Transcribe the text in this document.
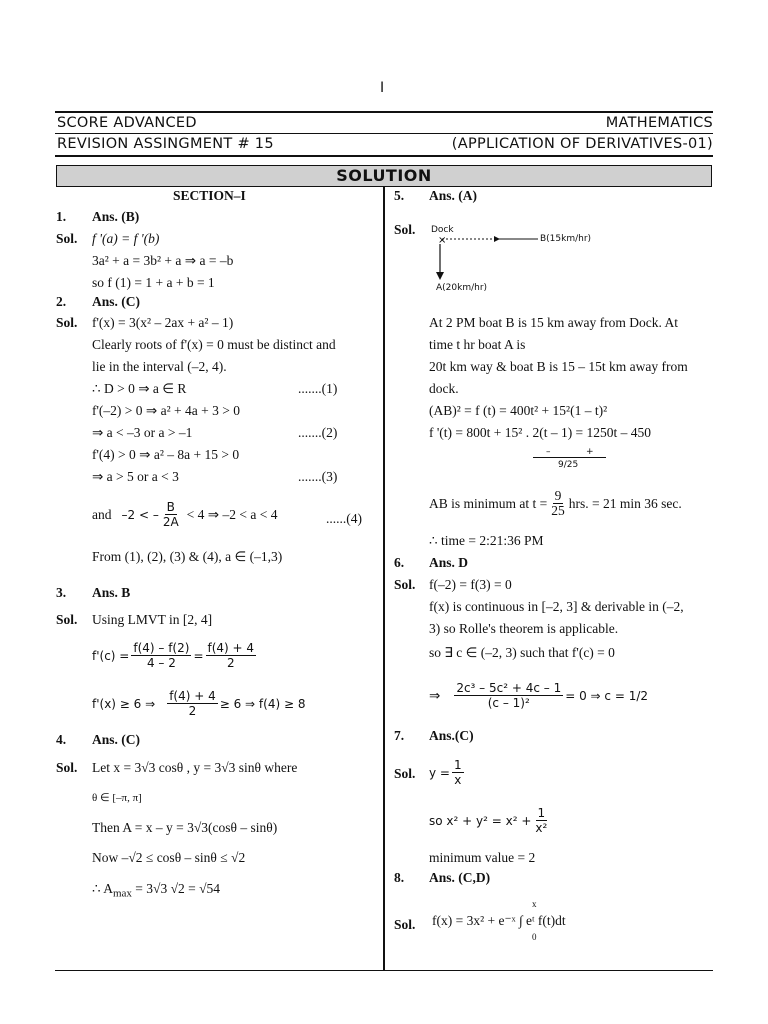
I
SCORE ADVANCED	MATHEMATICS
REVISION ASSINGMENT # 15	(APPLICATION OF DERIVATIVES-01)
SOLUTION
SECTION–I
1. Ans. (B)
Sol. f '(a) = f '(b)
3a² + a = 3b² + a ⇒ a = –b
so f (1) = 1 + a + b = 1
2. Ans. (C)
Sol. f'(x) = 3(x² – 2ax + a² – 1)
Clearly roots of f'(x) = 0 must be distinct and
lie in the interval (–2, 4).
∴ D > 0 ⇒ a ∈ R	.......(1)
f'(–2) > 0 ⇒ a² + 4a + 3 > 0
⇒ a < –3 or a > –1	.......(2)
f'(4) > 0 ⇒ a² – 8a + 15 > 0
⇒ a > 5 or a < 3	.......(3)
and –2 < – $\frac{B}{2A} < 4$ ⇒ –2 < a < 4	......(4)
From (1), (2), (3) & (4), a ∈ (–1,3)
3. Ans. B
Sol. Using LMVT in [2, 4]
$f'(c) = \frac{f(4) - f(2)}{4 - 2} = \frac{f(4) + 4}{2}$
f'(x) ≥ 6 ⇒ $\frac{f(4) + 4}{2} \ge 6$ ⇒ f(4) ≥ 8
4. Ans. (C)
Sol. Let x = 3√3 cosθ , y = 3√3 sinθ where
θ ∈ [–π, π]
Then A = x – y = 3√3(cosθ – sinθ)
Now –√2 ≤ cosθ – sinθ ≤ √2
∴ $A_{max} = 3√3$ √2 = √54
5. Ans. (A)
Sol.
×
Dock
B(15km/hr)
A(20km/hr)
At 2 PM boat B is 15 km away from Dock. At
time t hr boat A is
20t km way & boat B is 15 – 15t km away from
dock.
(AB)² = f (t) = 400t² + 15²(1 – t)²
f '(t) = 800t + 15² . 2(t – 1) = 1250t – 450
–	+
9/25
AB is minimum at $t = \frac{9}{25}$ hrs. = 21 min 36 sec.
∴ time = 2:21:36 PM
6. Ans. D
Sol. f(–2) = f(3) = 0
f(x) is continuous in [–2, 3] & derivable in (–2,
3) so Rolle's theorem is applicable.
so ∃ c ∈ (–2, 3) such that f'(c) = 0
⇒ $\frac{\text{2c³ – 5c² + 4c – 1}}{\text{(c – 1)²}} = 0$ ⇒ c = 1/2
7. Ans.(C)
Sol. $y = \frac{1}{x}$
so $x^2 + y^2 = x^2 + \frac{1}{\text{x²}}$
minimum value = 2
8. Ans. (C,D)
Sol.
x
f(x) = 3x² + e⁻ˣ ∫ eᵗ f(t)dt
0
